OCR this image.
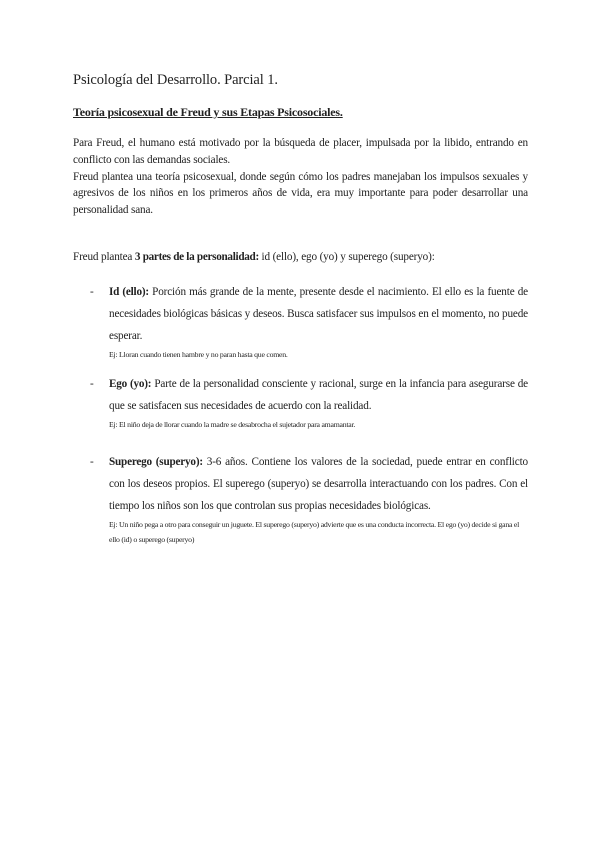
Psicología del Desarrollo. Parcial 1.
Teoría psicosexual de Freud y sus Etapas Psicosociales.

Para Freud, el humano está motivado por la búsqueda de placer, impulsada por la libido, entrando en conflicto con las demandas sociales.

Freud plantea una teoría psicosexual, donde según cómo los padres manejaban los impulsos sexuales y agresivos de los niños en los primeros años de vida, era muy importante para poder desarrollar una personalidad sana.

Freud plantea 3 partes de la personalidad: id (ello), ego (yo) y superego (superyo):

- Id (ello): Porción más grande de la mente, presente desde el nacimiento. El ello es la fuente de necesidades biológicas básicas y deseos. Busca satisfacer sus impulsos en el momento, no puede esperar.

Ej: Lloran cuando tienen hambre y no paran hasta que comen.

- Ego (yo): Parte de la personalidad consciente y racional, surge en la infancia para asegurarse de que se satisfacen sus necesidades de acuerdo con la realidad.

Ej: El niño deja de llorar cuando la madre se desabrocha el sujetador para amamantar.

- Superego (superyo): 3-6 años. Contiene los valores de la sociedad, puede entrar en conflicto con los deseos propios. El superego (superyo) se desarrolla interactuando con los padres. Con el tiempo los niños son los que controlan sus propias necesidades biológicas.

Ej: Un niño pega a otro para conseguir un juguete. El superego (superyo) advierte que es una conducta incorrecta. El ego (yo) decide si gana el ello (id) o superego (superyo)
